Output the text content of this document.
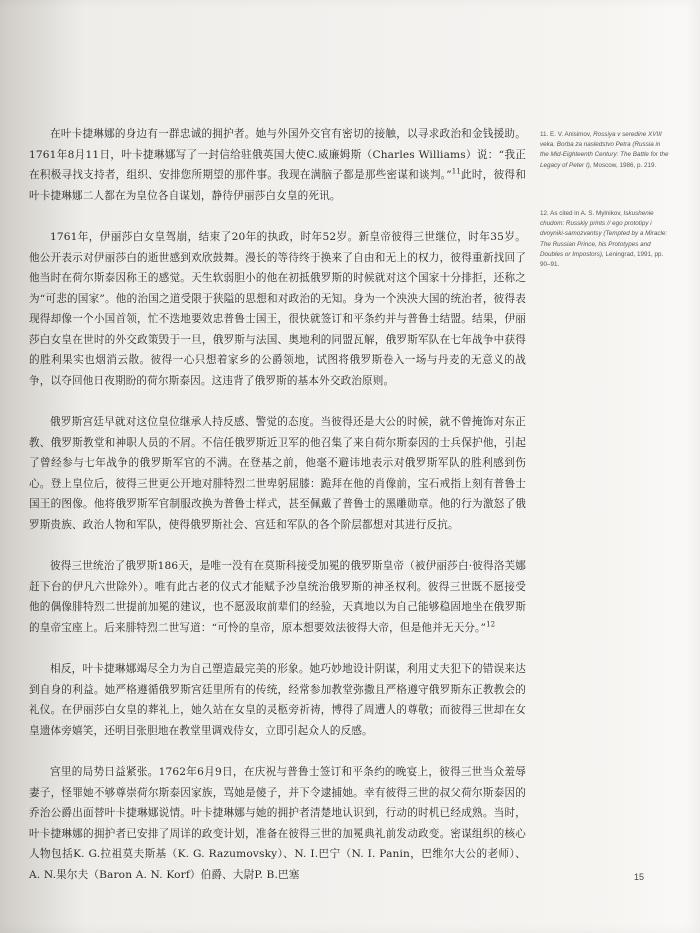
在叶卡捷琳娜的身边有一群忠诚的拥护者。她与外国外交官有密切的接触，以寻求政治和金钱援助。1761年8月11日，叶卡捷琳娜写了一封信给驻俄英国大使C.威廉姆斯（Charles Williams）说：“我正在积极寻找支持者，组织、安排您所期望的那件事。我现在满脑子都是那些密谋和谈判。”$^{11}$此时，彼得和叶卡捷琳娜二人都在为皇位各自谋划，静待伊丽莎白女皇的死讯。

1761年，伊丽莎白女皇驾崩，结束了20年的执政，时年52岁。新皇帝彼得三世继位，时年35岁。他公开表示对伊丽莎白的逝世感到欢欣鼓舞。漫长的等待终于换来了自由和无上的权力，彼得重新找回了他当时在荷尔斯泰因称王的感觉。天生软弱胆小的他在初抵俄罗斯的时候就对这个国家十分排拒，还称之为“可悲的国家”。他的治国之道受限于狭隘的思想和对政治的无知。身为一个泱泱大国的统治者，彼得表现得却像一个小国首领，忙不迭地要效忠普鲁士国王，很快就签订和平条约并与普鲁士结盟。结果，伊丽莎白女皇在世时的外交政策毁于一旦，俄罗斯与法国、奥地利的同盟瓦解，俄罗斯军队在七年战争中获得的胜利果实也烟消云散。彼得一心只想着家乡的公爵领地，试图将俄罗斯卷入一场与丹麦的无意义的战争，以夺回他日夜期盼的荷尔斯泰因。这违背了俄罗斯的基本外交政治原则。

俄罗斯宫廷早就对这位皇位继承人持反感、警觉的态度。当彼得还是大公的时候，就不曾掩饰对东正教、俄罗斯教堂和神职人员的不屑。不信任俄罗斯近卫军的他召集了来自荷尔斯泰因的士兵保护他，引起了曾经参与七年战争的俄罗斯军官的不满。在登基之前，他毫不避讳地表示对俄罗斯军队的胜利感到伤心。登上皇位后，彼得三世更公开地对腓特烈二世卑躬屈膝：跪拜在他的肖像前，宝石戒指上刻有普鲁士国王的图像。他将俄罗斯军官制服改换为普鲁士样式，甚至佩戴了普鲁士的黑雕勋章。他的行为激怒了俄罗斯贵族、政治人物和军队，使得俄罗斯社会、宫廷和军队的各个阶层都想对其进行反抗。

彼得三世统治了俄罗斯186天，是唯一没有在莫斯科接受加冕的俄罗斯皇帝（被伊丽莎白·彼得洛芙娜赶下台的伊凡六世除外）。唯有此古老的仪式才能赋予沙皇统治俄罗斯的神圣权利。彼得三世既不愿接受他的偶像腓特烈二世提前加冕的建议，也不愿汲取前辈们的经验，天真地以为自己能够稳固地坐在俄罗斯的皇帝宝座上。后来腓特烈二世写道：“可怜的皇帝，原本想要效法彼得大帝，但是他并无天分。”$^{12}$

相反，叶卡捷琳娜竭尽全力为自己塑造最完美的形象。她巧妙地设计阴谋，利用丈夫犯下的错误来达到自身的利益。她严格遵循俄罗斯宫廷里所有的传统，经常参加教堂弥撒且严格遵守俄罗斯东正教教会的礼仪。在伊丽莎白女皇的葬礼上，她久站在女皇的灵柩旁祈祷，博得了周遭人的尊敬；而彼得三世却在女皇遗体旁嬉笑，还明目张胆地在教堂里调戏侍女，立即引起众人的反感。

宫里的局势日益紧张。1762年6月9日，在庆祝与普鲁士签订和平条约的晚宴上，彼得三世当众羞辱妻子，怪罪她不够尊崇荷尔斯泰因家族，骂她是傻子，并下令逮捕她。幸有彼得三世的叔父荷尔斯泰因的乔治公爵出面替叶卡捷琳娜说情。叶卡捷琳娜与她的拥护者清楚地认识到，行动的时机已经成熟。当时，叶卡捷琳娜的拥护者已安排了周详的政变计划，准备在彼得三世的加冕典礼前发动政变。密谋组织的核心人物包括K. G.拉祖莫夫斯基（K. G. Razumovsky）、N. I.巴宁（N. I. Panin，巴维尔大公的老师）、A. N.果尔夫（Baron A. N. Korf）伯爵、大尉P. B.巴塞

11. E. V. Anisimov, Rossiya v seredine XVIII veka. Borba za nasledstvo Petra (Russia in the Mid-Eighteenth Century: The Battle for the Legacy of Peter I), Moscow, 1986, p. 219.
12. As cited in A. S. Mylnikov, Iskushenie chudom: Russkiy prints // ego prototipy i dvoyniki-samozvantsy (Tempted by a Miracle: The Russian Prince, his Prototypes and Doubles or Impostors), Leningrad, 1991, pp. 90–91.
15
